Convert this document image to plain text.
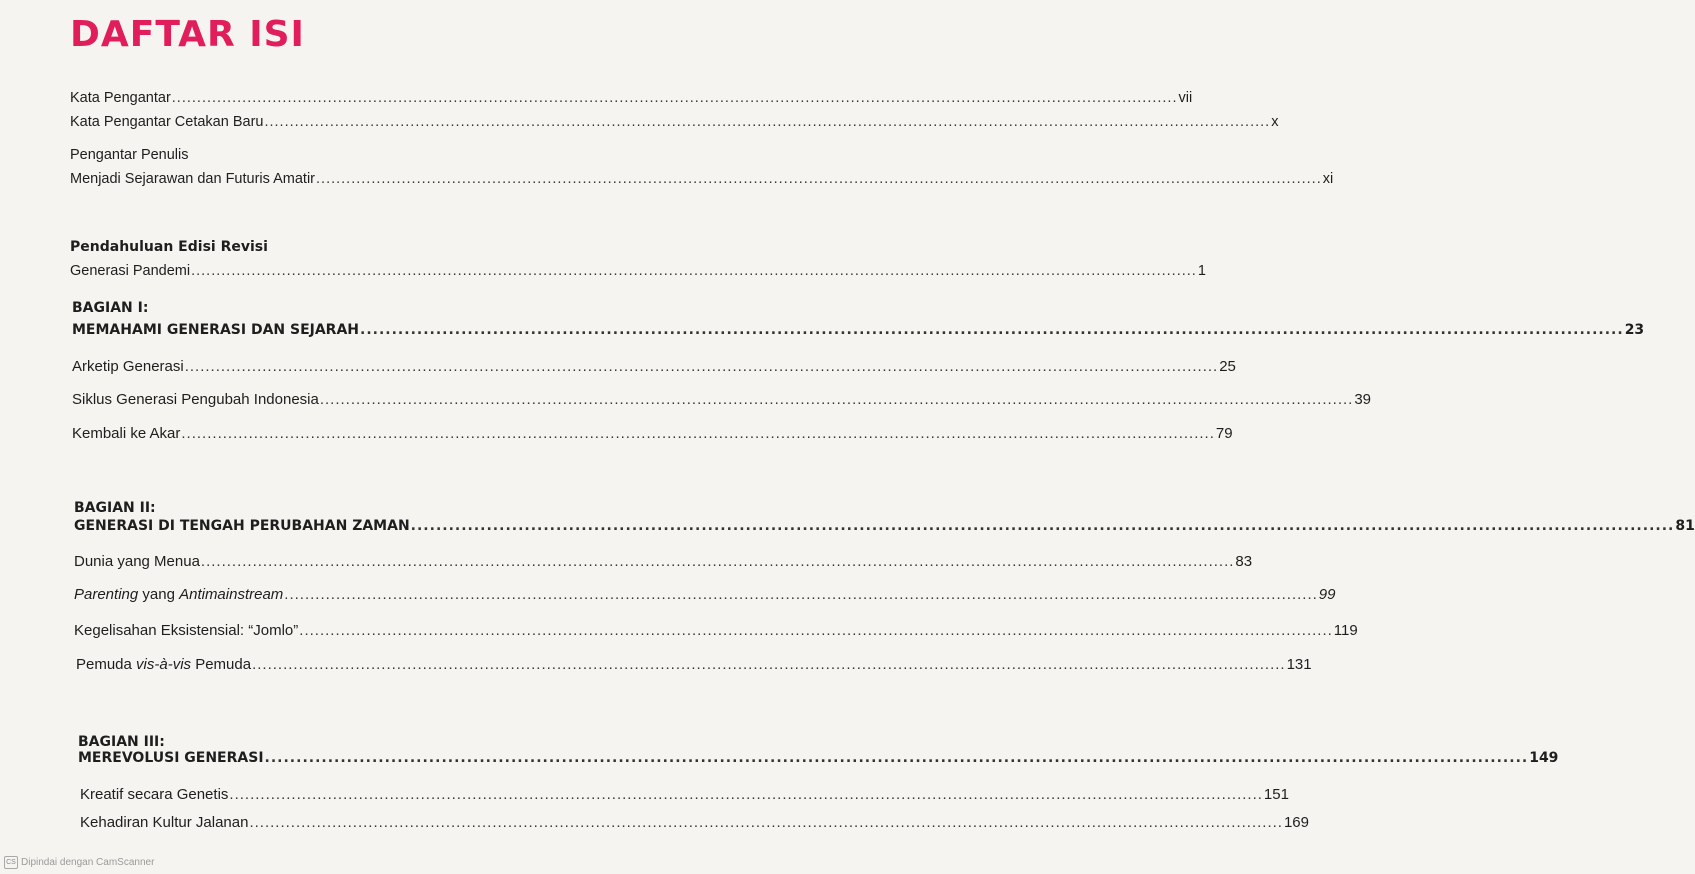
DAFTAR ISI
Kata Pengantar ........................................................................................................................................................................................................ vii
Kata Pengantar Cetakan Baru ........................................................................................................................................................................................................ x
Pengantar Penulis
Menjadi Sejarawan dan Futuris Amatir ........................................................................................................................................................................................................ xi
Pendahuluan Edisi Revisi
Generasi Pandemi ........................................................................................................................................................................................................ 1
BAGIAN I:
MEMAHAMI GENERASI DAN SEJARAH ........................................................................................................................................................................................................ 23
Arketip Generasi ........................................................................................................................................................................................................ 25
Siklus Generasi Pengubah Indonesia ........................................................................................................................................................................................................ 39
Kembali ke Akar ........................................................................................................................................................................................................ 79
BAGIAN II:
GENERASI DI TENGAH PERUBAHAN ZAMAN ........................................................................................................................................................................................................ 81
Dunia yang Menua ........................................................................................................................................................................................................ 83
Parenting yang Antimainstream ........................................................................................................................................................................................................ 99
Kegelisahan Eksistensial: “Jomlo” ........................................................................................................................................................................................................ 119
Pemuda vis-à-vis Pemuda ........................................................................................................................................................................................................ 131
BAGIAN III:
MEREVOLUSI GENERASI ........................................................................................................................................................................................................ 149
Kreatif secara Genetis ........................................................................................................................................................................................................ 151
Kehadiran Kultur Jalanan ........................................................................................................................................................................................................ 169
CS Dipindai dengan CamScanner
